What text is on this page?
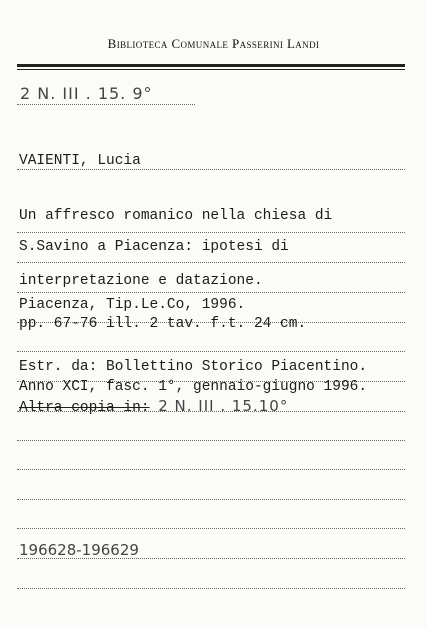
Biblioteca Comunale Passerini Landi
2 N. III . 15. 9°
VAIENTI, Lucia
Un affresco romanico nella chiesa di
S.Savino a Piacenza: ipotesi di
interpretazione e datazione.
Piacenza, Tip.Le.Co, 1996.
pp. 67-76 ill. 2 tav. f.t. 24 cm.
Estr. da: Bollettino Storico Piacentino.
Anno XCI, fasc. 1°, gennaio-giugno 1996.
Altra copia in: 2 N. III . 15.10°
196628-196629
